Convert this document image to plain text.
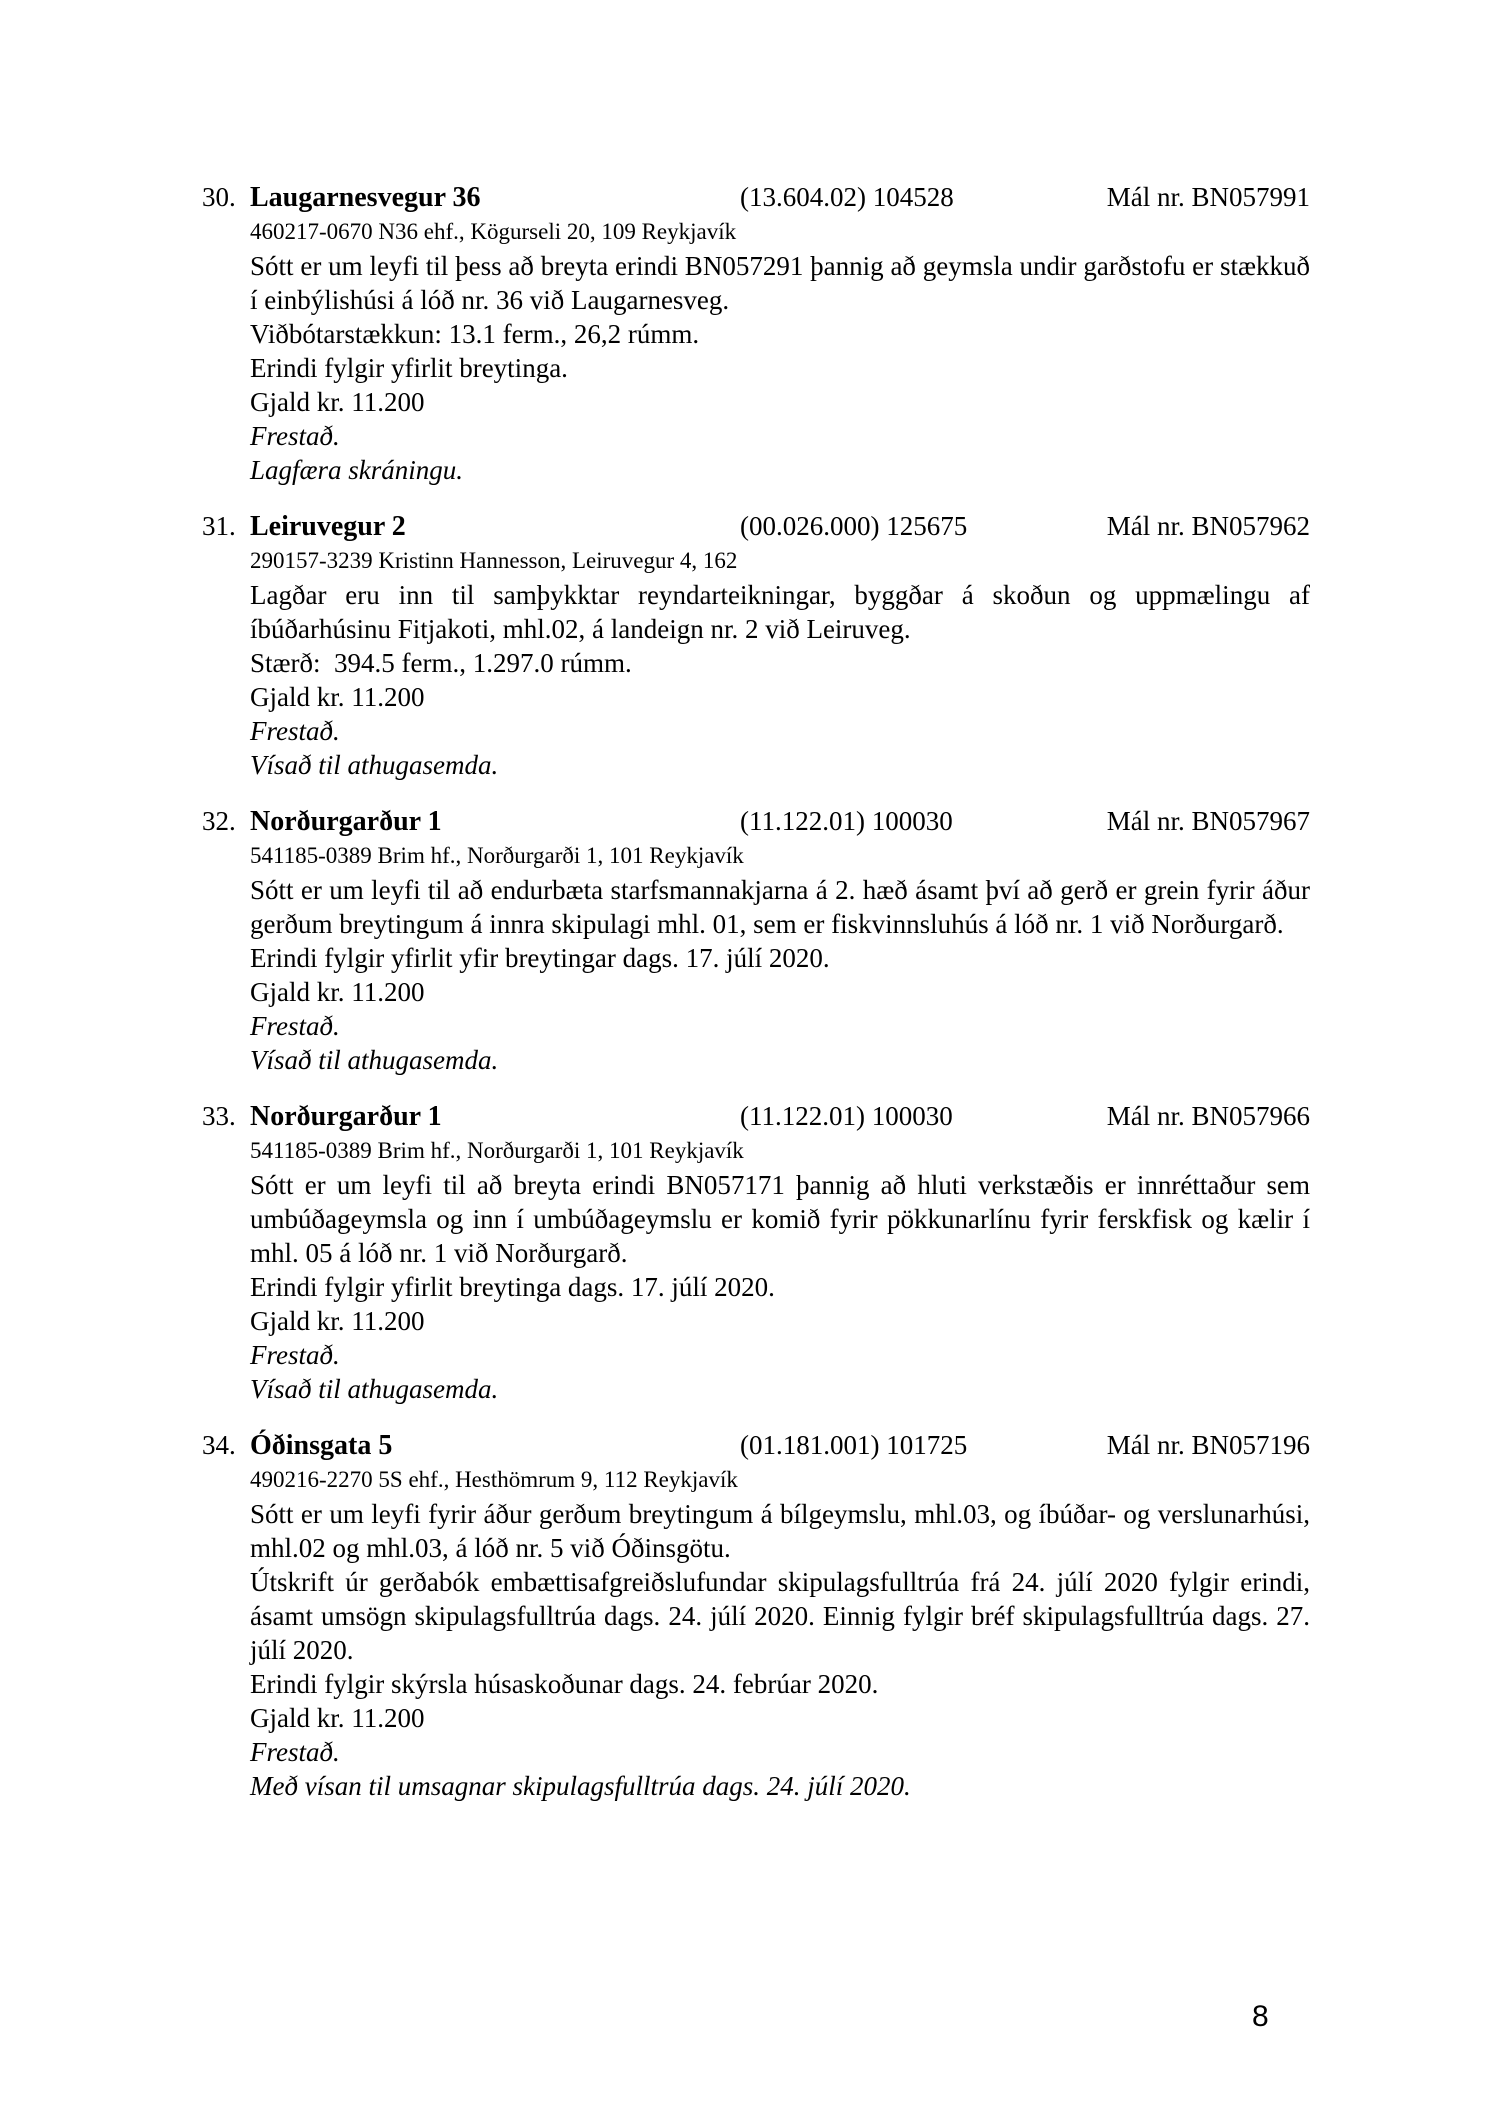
30. Laugarnesvegur 36	(13.604.02) 104528	Mál nr. BN057991
460217-0670 N36 ehf., Kögurseli 20, 109 Reykjavík
Sótt er um leyfi til þess að breyta erindi BN057291 þannig að geymsla undir garðstofu er stækkuð í einbýlishúsi á lóð nr. 36 við Laugarnesveg.
Viðbótarstækkun: 13.1 ferm., 26,2 rúmm.
Erindi fylgir yfirlit breytinga.
Gjald kr. 11.200
Frestað.
Lagfæra skráningu.
31. Leiruvegur 2	(00.026.000) 125675	Mál nr. BN057962
290157-3239 Kristinn Hannesson, Leiruvegur 4, 162
Lagðar eru inn til samþykktar reyndarteikningar, byggðar á skoðun og uppmælingu af íbúðarhúsinu Fitjakoti, mhl.02, á landeign nr. 2 við Leiruveg.
Stærð:  394.5 ferm., 1.297.0 rúmm.
Gjald kr. 11.200
Frestað.
Vísað til athugasemda.
32. Norðurgarður 1	(11.122.01) 100030	Mál nr. BN057967
541185-0389 Brim hf., Norðurgarði 1, 101 Reykjavík
Sótt er um leyfi til að endurbæta starfsmannakjarna á 2. hæð ásamt því að gerð er grein fyrir áður gerðum breytingum á innra skipulagi mhl. 01, sem er fiskvinnsluhús á lóð nr. 1 við Norðurgarð.
Erindi fylgir yfirlit yfir breytingar dags. 17. júlí 2020.
Gjald kr. 11.200
Frestað.
Vísað til athugasemda.
33. Norðurgarður 1	(11.122.01) 100030	Mál nr. BN057966
541185-0389 Brim hf., Norðurgarði 1, 101 Reykjavík
Sótt er um leyfi til að breyta erindi BN057171 þannig að hluti verkstæðis er innréttaður sem umbúðageymsla og inn í umbúðageymslu er komið fyrir pökkunarlínu fyrir ferskfisk og kælir í mhl. 05 á lóð nr. 1 við Norðurgarð.
Erindi fylgir yfirlit breytinga dags. 17. júlí 2020.
Gjald kr. 11.200
Frestað.
Vísað til athugasemda.
34. Óðinsgata 5	(01.181.001) 101725	Mál nr. BN057196
490216-2270 5S ehf., Hesthömrum 9, 112 Reykjavík
Sótt er um leyfi fyrir áður gerðum breytingum á bílgeymslu, mhl.03, og íbúðar- og verslunarhúsi, mhl.02 og mhl.03, á lóð nr. 5 við Óðinsgötu.
Útskrift úr gerðabók embættisafgreiðslufundar skipulagsfulltrúa frá 24. júlí 2020 fylgir erindi, ásamt umsögn skipulagsfulltrúa dags. 24. júlí 2020. Einnig fylgir bréf skipulagsfulltrúa dags. 27. júlí 2020.
Erindi fylgir skýrsla húsaskoðunar dags. 24. febrúar 2020.
Gjald kr. 11.200
Frestað.
Með vísan til umsagnar skipulagsfulltrúa dags. 24. júlí 2020.
8
